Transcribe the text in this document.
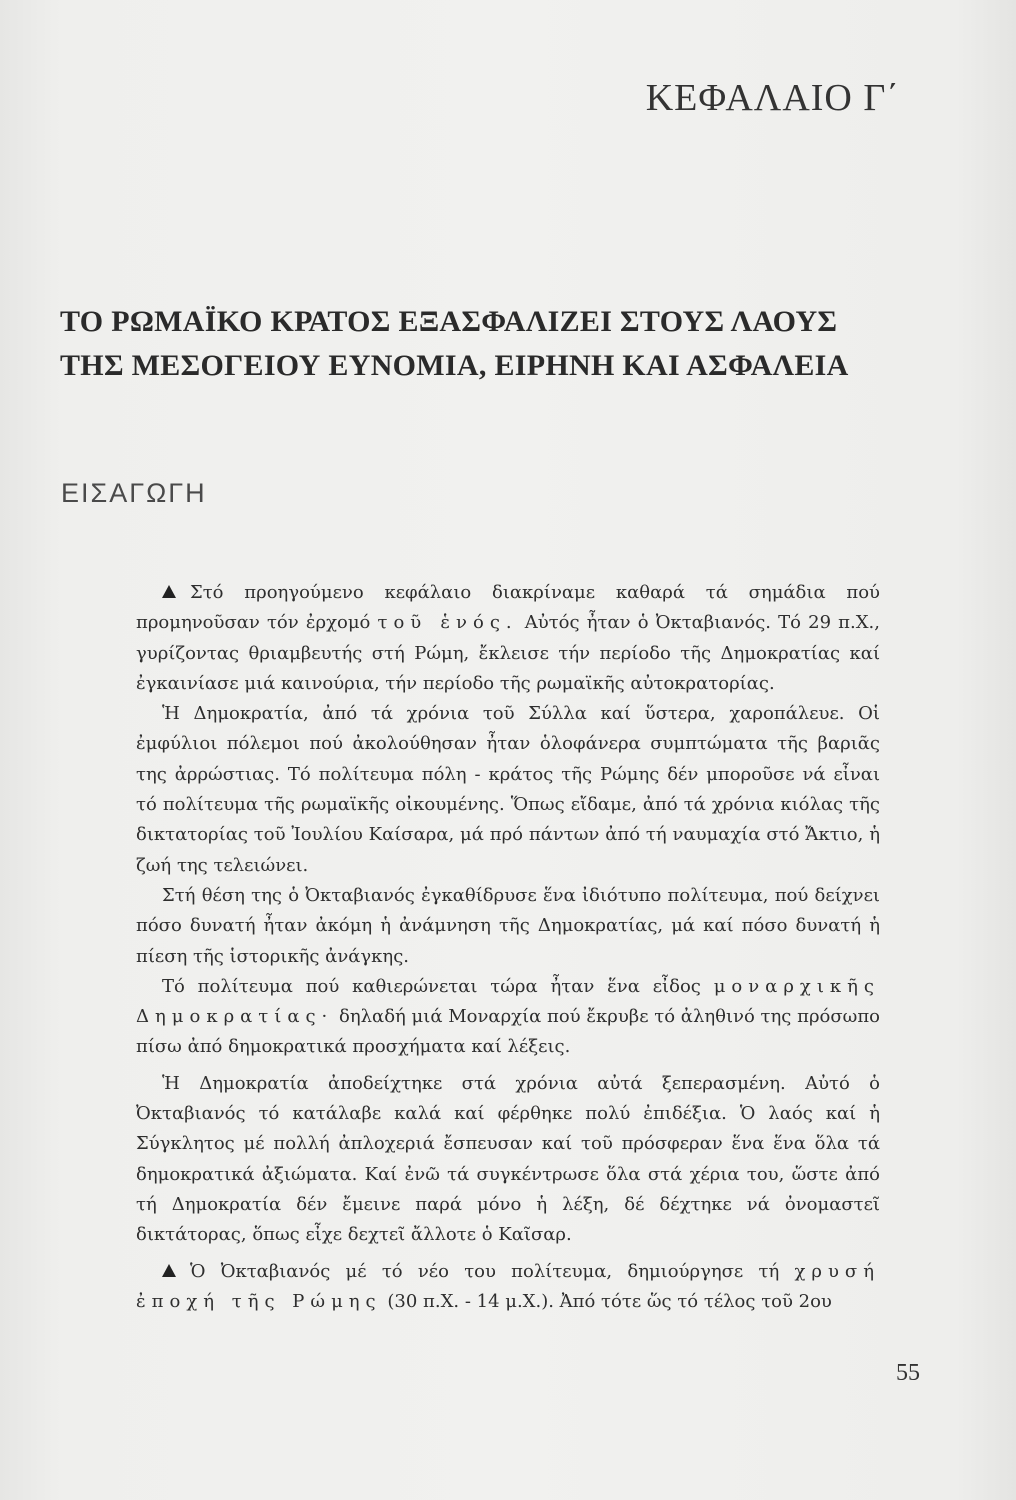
ΚΕΦΑΛΑΙΟ Γ΄
ΤΟ ΡΩΜΑΪΚΟ ΚΡΑΤΟΣ ΕΞΑΣΦΑΛΙΖΕΙ ΣΤΟΥΣ ΛΑΟΥΣ
ΤΗΣ ΜΕΣΟΓΕΙΟΥ ΕΥΝΟΜΙΑ, ΕΙΡΗΝΗ ΚΑΙ ΑΣΦΑΛΕΙΑ
ΕΙΣΑΓΩΓΗ

Στό προηγούμενο κεφάλαιο διακρίναμε καθαρά τά σημάδια πού προμηνοῦσαν τόν ἐρχομό τοῦ ἑνός. Αὐτός ἦταν ὁ Ὀκταβιανός. Τό 29 π.Χ., γυρίζοντας θριαμβευτής στή Ρώμη, ἔκλεισε τήν περίοδο τῆς Δημοκρατίας καί ἐγκαινίασε μιά καινούρια, τήν περίοδο τῆς ρωμαϊκῆς αὐτοκρατορίας.

Ἡ Δημοκρατία, ἀπό τά χρόνια τοῦ Σύλλα καί ὕστερα, χαροπάλευε. Οἱ ἐμφύλιοι πόλεμοι πού ἀκολούθησαν ἦταν ὁλοφάνερα συμπτώματα τῆς βαριᾶς της ἀρρώστιας. Τό πολίτευμα πόλη - κράτος τῆς Ρώμης δέν μποροῦσε νά εἶναι τό πολίτευμα τῆς ρωμαϊκῆς οἰκουμένης. Ὅπως εἴδαμε, ἀπό τά χρόνια κιόλας τῆς δικτατορίας τοῦ Ἰουλίου Καίσαρα, μά πρό πάντων ἀπό τή ναυμαχία στό Ἄκτιο, ἡ ζωή της τελειώνει.

Στή θέση της ὁ Ὀκταβιανός ἐγκαθίδρυσε ἕνα ἰδιότυπο πολίτευμα, πού δείχνει πόσο δυνατή ἦταν ἀκόμη ἡ ἀνάμνηση τῆς Δημοκρατίας, μά καί πόσο δυνατή ἡ πίεση τῆς ἱστορικῆς ἀνάγκης.

Τό πολίτευμα πού καθιερώνεται τώρα ἦταν ἕνα εἶδος μοναρχικῆς Δημοκρατίας· δηλαδή μιά Μοναρχία πού ἔκρυβε τό ἀληθινό της πρόσωπο πίσω ἀπό δημοκρατικά προσχήματα καί λέξεις.

Ἡ Δημοκρατία ἀποδείχτηκε στά χρόνια αὐτά ξεπερασμένη. Αὐτό ὁ Ὀκταβιανός τό κατάλαβε καλά καί φέρθηκε πολύ ἐπιδέξια. Ὁ λαός καί ἡ Σύγκλητος μέ πολλή ἀπλοχεριά ἔσπευσαν καί τοῦ πρόσφεραν ἕνα ἕνα ὅλα τά δημοκρατικά ἀξιώματα. Καί ἐνῶ τά συγκέντρωσε ὅλα στά χέρια του, ὥστε ἀπό τή Δημοκρατία δέν ἔμεινε παρά μόνο ἡ λέξη, δέ δέχτηκε νά ὀνομαστεῖ δικτάτορας, ὅπως εἶχε δεχτεῖ ἄλλοτε ὁ Καῖσαρ.

Ὁ Ὀκταβιανός μέ τό νέο του πολίτευμα, δημιούργησε τή χρυσή ἐποχή τῆς Ρώμης (30 π.Χ. - 14 μ.Χ.). Ἀπό τότε ὥς τό τέλος τοῦ 2ου

55
